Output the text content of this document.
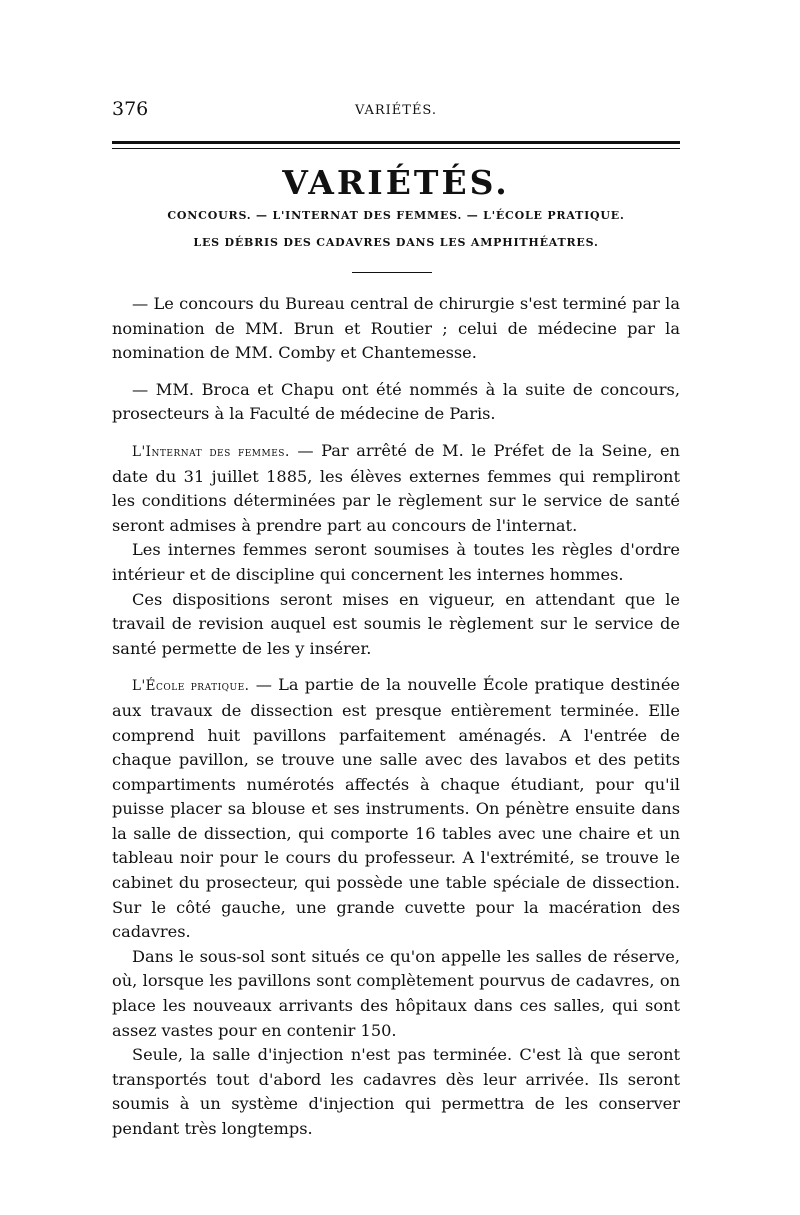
376	VARIÉTÉS.
VARIÉTÉS.
CONCOURS. — L'INTERNAT DES FEMMES. — L'ÉCOLE PRATIQUE.
LES DÉBRIS DES CADAVRES DANS LES AMPHITHÉATRES.

— Le concours du Bureau central de chirurgie s'est terminé par la nomination de MM. Brun et Routier ; celui de médecine par la nomination de MM. Comby et Chantemesse.

— MM. Broca et Chapu ont été nommés à la suite de concours, prosecteurs à la Faculté de médecine de Paris.

L'Internat des femmes. — Par arrêté de M. le Préfet de la Seine, en date du 31 juillet 1885, les élèves externes femmes qui rempliront les conditions déterminées par le règlement sur le service de santé seront admises à prendre part au concours de l'internat.

Les internes femmes seront soumises à toutes les règles d'ordre intérieur et de discipline qui concernent les internes hommes.

Ces dispositions seront mises en vigueur, en attendant que le travail de revision auquel est soumis le règlement sur le service de santé permette de les y insérer.

L'École pratique. — La partie de la nouvelle École pratique destinée aux travaux de dissection est presque entièrement terminée. Elle comprend huit pavillons parfaitement aménagés. A l'entrée de chaque pavillon, se trouve une salle avec des lavabos et des petits compartiments numérotés affectés à chaque étudiant, pour qu'il puisse placer sa blouse et ses instruments. On pénètre ensuite dans la salle de dissection, qui comporte 16 tables avec une chaire et un tableau noir pour le cours du professeur. A l'extrémité, se trouve le cabinet du prosecteur, qui possède une table spéciale de dissection. Sur le côté gauche, une grande cuvette pour la macération des cadavres.

Dans le sous-sol sont situés ce qu'on appelle les salles de réserve, où, lorsque les pavillons sont complètement pourvus de cadavres, on place les nouveaux arrivants des hôpitaux dans ces salles, qui sont assez vastes pour en contenir 150.

Seule, la salle d'injection n'est pas terminée. C'est là que seront transportés tout d'abord les cadavres dès leur arrivée. Ils seront soumis à un système d'injection qui permettra de les conserver pendant très longtemps.
